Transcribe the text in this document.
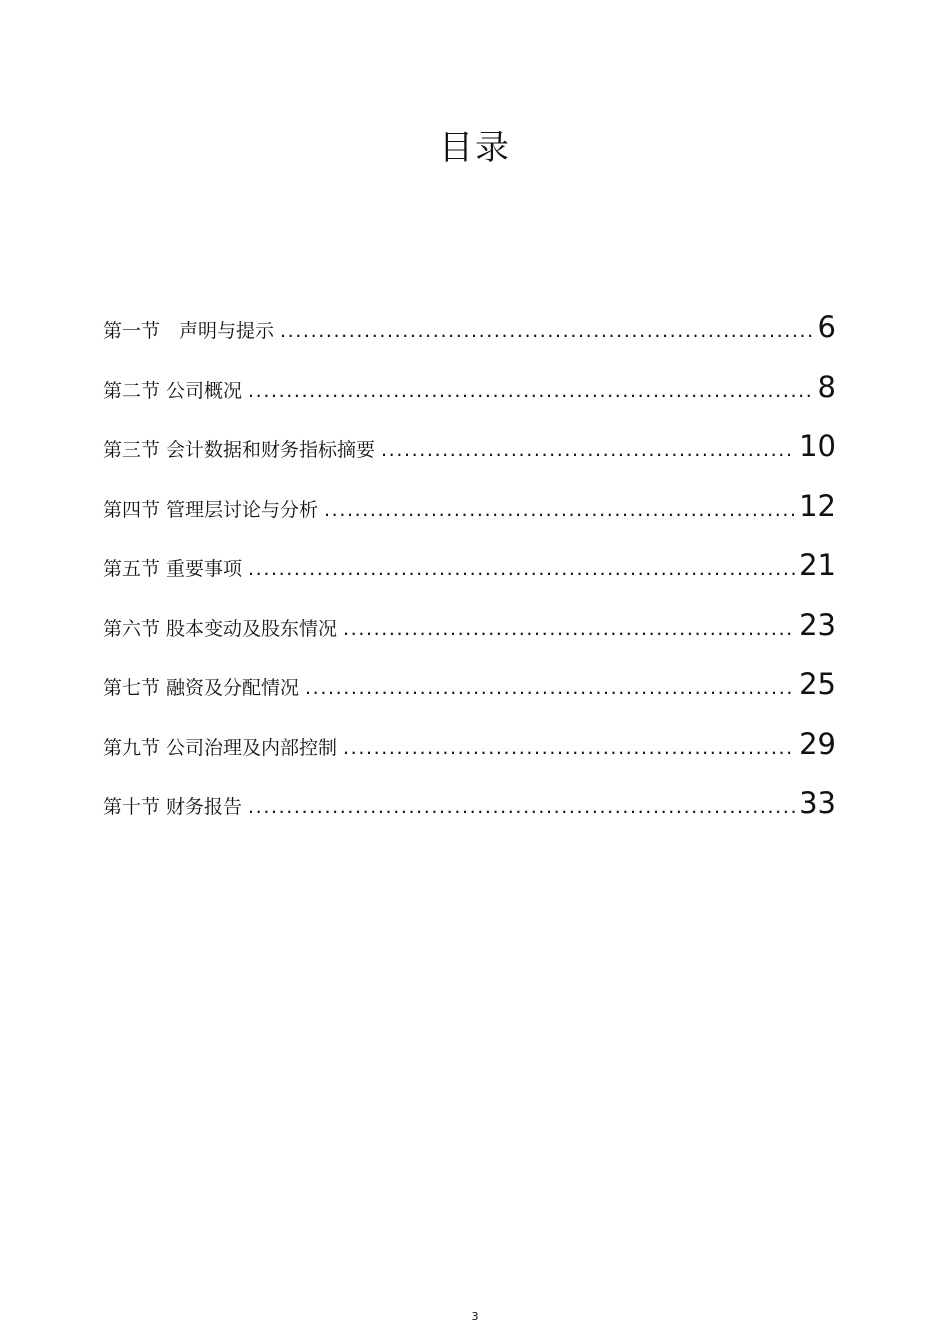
目录
第一节　声明与提示 .....	6
第二节 公司概况 .....	8
第三节 会计数据和财务指标摘要 .....	10
第四节 管理层讨论与分析 .....	12
第五节 重要事项 .....	21
第六节 股本变动及股东情况 .....	23
第七节 融资及分配情况 .....	25
第九节 公司治理及内部控制 .....	29
第十节 财务报告 .....	33
3
